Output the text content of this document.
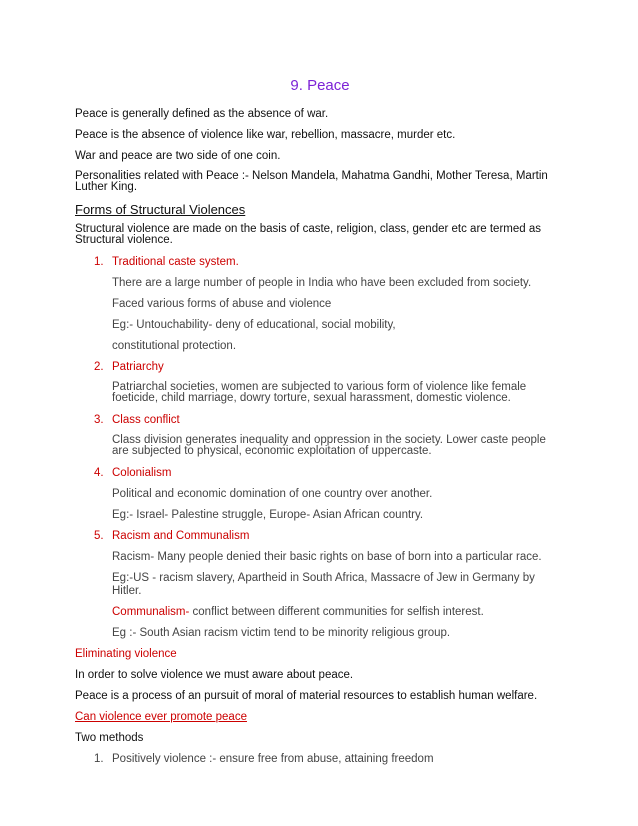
9. Peace
Peace is generally defined as the absence of war.
Peace is the absence of violence like war, rebellion, massacre, murder etc.
War and peace are two side of one coin.
Personalities related with Peace :- Nelson Mandela, Mahatma Gandhi, Mother Teresa, Martin Luther King.
Forms of Structural Violences
Structural violence are made on the basis of caste, religion, class, gender etc are termed as Structural violence.
1. Traditional caste system.
There are a large number of people in India who have been excluded from society.
Faced various forms of abuse and violence
Eg:- Untouchability- deny of educational, social mobility,
constitutional protection.
2. Patriarchy
Patriarchal societies, women are subjected to various form of violence like female foeticide, child marriage, dowry torture, sexual harassment, domestic violence.
3. Class conflict
Class division generates inequality and oppression in the society. Lower caste people are subjected to physical, economic exploitation of uppercaste.
4. Colonialism
Political and economic domination of one country over another.
Eg:- Israel- Palestine struggle, Europe- Asian African country.
5. Racism and Communalism
Racism- Many people denied their basic rights on base of born into a particular race.
Eg:-US - racism slavery, Apartheid in South Africa, Massacre of Jew in Germany by Hitler.
Communalism- conflict between different communities for selfish interest.
Eg :- South Asian racism victim tend to be minority religious group.
Eliminating violence
In order to solve violence we must aware about peace.
Peace is a process of an pursuit of moral of material resources to establish human welfare.
Can violence ever promote peace
Two methods
1. Positively violence :- ensure free from abuse, attaining freedom
